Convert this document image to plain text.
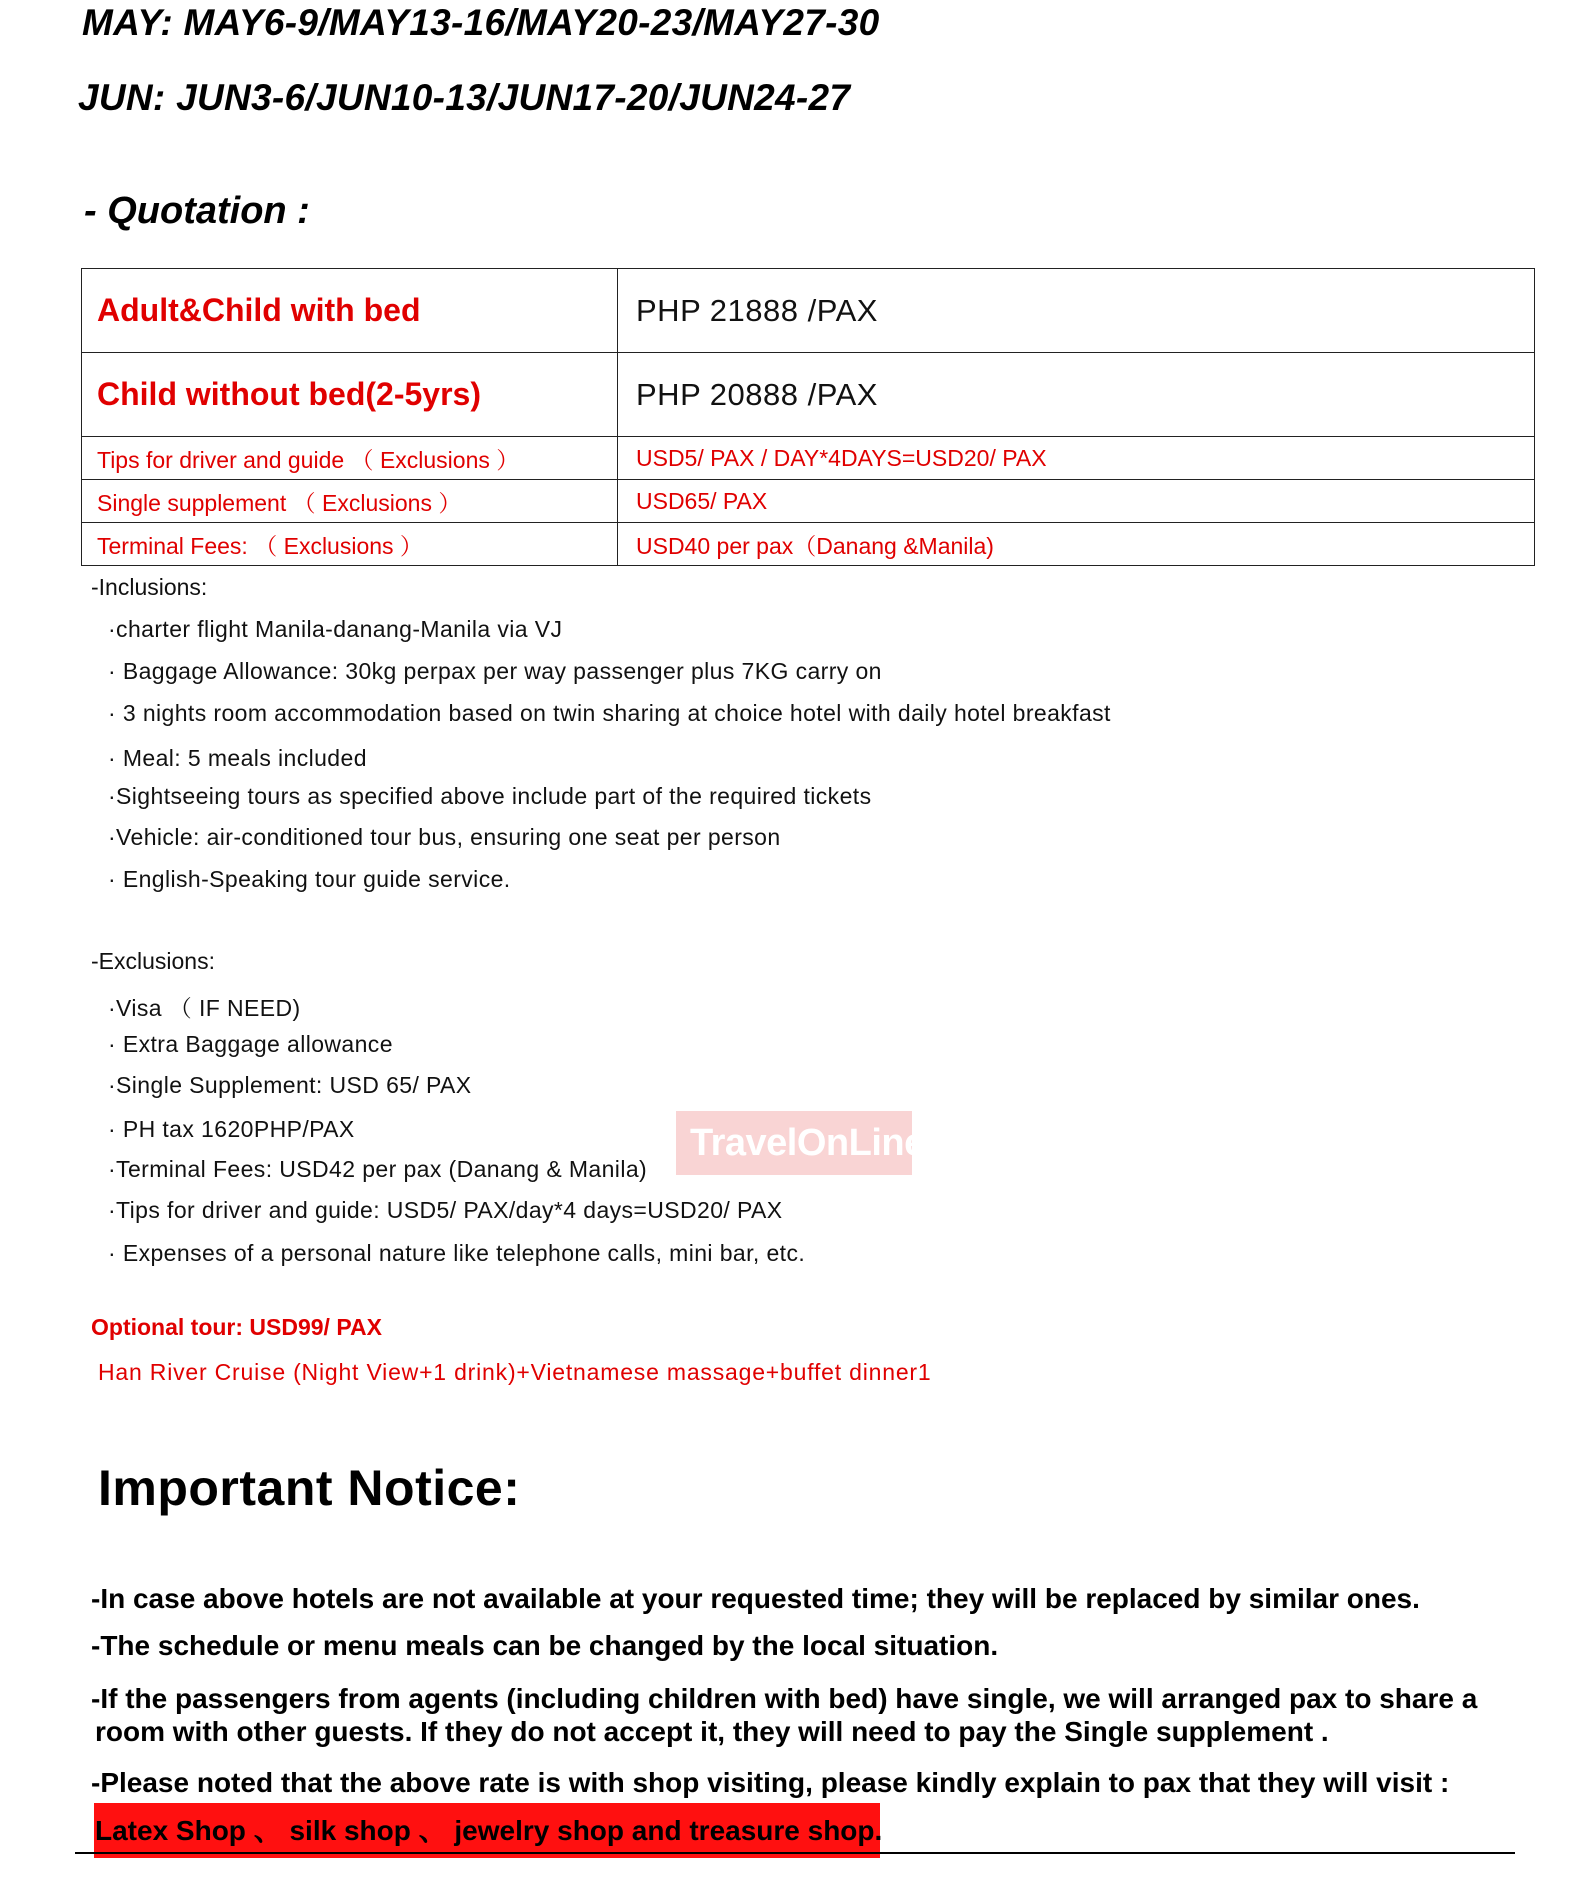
MAY: MAY6-9/MAY13-16/MAY20-23/MAY27-30
JUN: JUN3-6/JUN10-13/JUN17-20/JUN24-27
- Quotation :
Adult&Child with bed	PHP 21888 /PAX
Child without bed(2-5yrs)	PHP 20888 /PAX
Tips for driver and guide （ Exclusions ）	USD5/ PAX / DAY*4DAYS=USD20/ PAX
Single supplement （ Exclusions ）	USD65/ PAX
Terminal Fees: （ Exclusions ）	USD40 per pax（Danang &Manila)
-Inclusions:
·charter flight Manila-danang-Manila via VJ
· Baggage Allowance: 30kg perpax per way passenger plus 7KG carry on
· 3 nights room accommodation based on twin sharing at choice hotel with daily hotel breakfast
· Meal: 5 meals included
·Sightseeing tours as specified above include part of the required tickets
·Vehicle: air-conditioned tour bus, ensuring one seat per person
· English-Speaking tour guide service.
-Exclusions:
·Visa （ IF NEED)
· Extra Baggage allowance
·Single Supplement: USD 65/ PAX
· PH tax 1620PHP/PAX	TravelOnLine
·Terminal Fees: USD42 per pax (Danang & Manila)
·Tips for driver and guide: USD5/ PAX/day*4 days=USD20/ PAX
· Expenses of a personal nature like telephone calls, mini bar, etc.
Optional tour: USD99/ PAX
Han River Cruise (Night View+1 drink)+Vietnamese massage+buffet dinner1
Important Notice:
-In case above hotels are not available at your requested time; they will be replaced by similar ones.
-The schedule or menu meals can be changed by the local situation.
-If the passengers from agents (including children with bed) have single, we will arranged pax to share a
room with other guests. If they do not accept it, they will need to pay the Single supplement .
-Please noted that the above rate is with shop visiting, please kindly explain to pax that they will visit :
Latex Shop 、 silk shop 、 jewelry shop and treasure shop.
